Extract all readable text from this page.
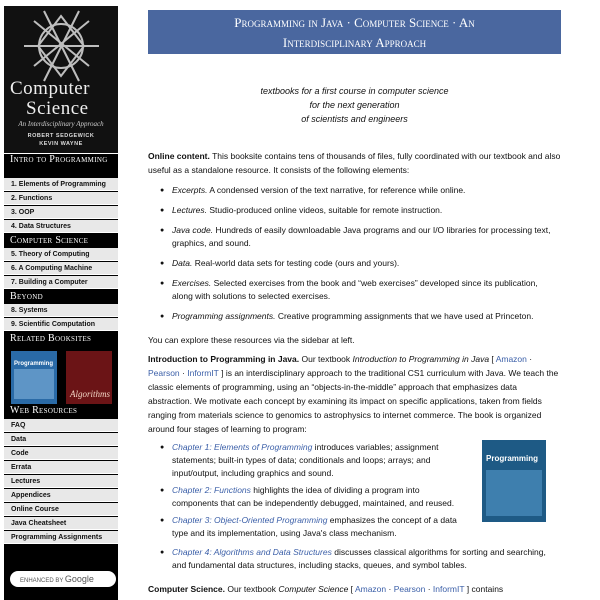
Computer
Science
An Interdisciplinary Approach
ROBERT SEDGEWICK
KEVIN WAYNE
Intro to Programming
1. Elements of Programming
2. Functions
3. OOP
4. Data Structures
Computer Science
5. Theory of Computing
6. A Computing Machine
7. Building a Computer
Beyond
8. Systems
9. Scientific Computation
Related Booksites
Programming
Algorithms
Web Resources
FAQ
Data
Code
Errata
Lectures
Appendices
Online Course
Java Cheatsheet
Programming Assignments
ENHANCED BY Google
Programming in Java · Computer Science · An
Interdisciplinary Approach
textbooks for a first course in computer science
for the next generation
of scientists and engineers
Online content. This booksite contains tens of thousands of files, fully coordinated with our textbook and also useful as a standalone resource. It consists of the following elements:
● Excerpts. A condensed version of the text narrative, for reference while online.
● Lectures. Studio-produced online videos, suitable for remote instruction.
● Java code. Hundreds of easily downloadable Java programs and our I/O libraries for processing text, graphics, and sound.
● Data. Real-world data sets for testing code (ours and yours).
● Exercises. Selected exercises from the book and “web exercises” developed since its publication, along with solutions to selected exercises.
● Programming assignments. Creative programming assignments that we have used at Princeton.
You can explore these resources via the sidebar at left.
Introduction to Programming in Java. Our textbook Introduction to Programming in Java [ Amazon · Pearson · InformIT ] is an interdisciplinary approach to the traditional CS1 curriculum with Java. We teach the classic elements of programming, using an “objects-in-the-middle” approach that emphasizes data abstraction. We motivate each concept by examining its impact on specific applications, taken from fields ranging from materials science to genomics to astrophysics to internet commerce. The book is organized around four stages of learning to program:
● Chapter 1: Elements of Programming introduces variables; assignment statements; built-in types of data; conditionals and loops; arrays; and input/output, including graphics and sound.
● Chapter 2: Functions highlights the idea of dividing a program into components that can be independently debugged, maintained, and reused.
● Chapter 3: Object-Oriented Programming emphasizes the concept of a data type and its implementation, using Java's class mechanism.
● Chapter 4: Algorithms and Data Structures discusses classical algorithms for sorting and searching, and fundamental data structures, including stacks, queues, and symbol tables.
Programming
Computer Science. Our textbook Computer Science [ Amazon · Pearson · InformIT ] contains
